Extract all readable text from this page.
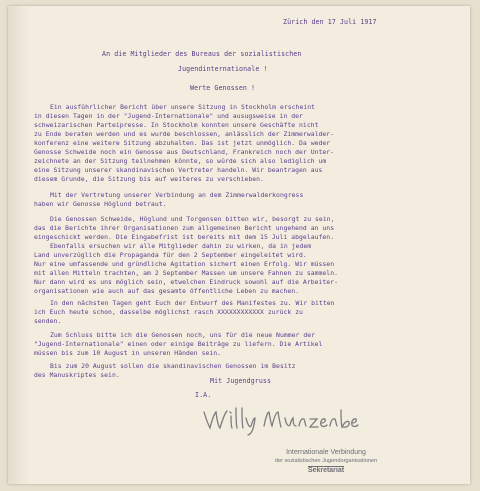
Zürich den 17 Juli 1917
An die Mitglieder des Bureaus der sozialistischen
Jugendinternationale !
Werte Genossen !
Ein ausführlicher Bericht über unsere Sitzung in Stockholm erscheint
in diesen Tagen in der "Jugend-Internationale" und ausugsweise in der
schweizarischen Parteipresse. In Stockholm konnten unsere Geschäfte nicht
zu Ende beraten werden und es wurde beschlossen, anlässlich der Zimmerwalder-
konferenz eine weitere Sitzung abzuhalten. Das ist jetzt unmöglich. Da weder
Genosse Schweide noch ein Genosse aus Deutschland, Frankreich noch der Unter-
zeichnete an der Sitzung teilnehmen könnte, so würde sich also lediglich um
eine Sitzung unserer skandinavischen Vertreter handeln. Wir beantragen aus
diesem Grunde, die Sitzung bis auf weiteres zu verschieben.
Mit der Vertretung unserer Verbindung an dem Zimmerwalderkongress
haben wir Genosse Höglund betraut.
Die Genossen Schweide, Höglund und Torgensen bitten wir, besorgt zu sein,
das die Berichte ihrer Organisationen zum allgemeinen Bericht ungehend an uns
eingeschickt werden. Die Eingabefrist ist bereits mit dem 15 Juli abgelaufen.
Ebenfalls ersuchen wir alle Mitglieder dahin zu wirken, da in jedem
Land unverzüglich die Propaganda für den 2 September eingeleitet wird.
Nur eine umfassende und gründliche Agitation sichert einen Erfolg. Wir müssen
mit allen Mitteln trachten, am 2 September Massen um unsere Fahnen zu sammeln.
Nur dann wird es uns möglich sein, etwelchen Eindruck sowohl auf die Arbeiter-
organisationen wie auch auf das gesamte öffentliche Leben zu machen.
In den nächsten Tagen geht Euch der Entwurf des Manifestes zu. Wir bitten
ich Euch heute schon, dasselbe möglichst rasch XXXXXXXXXXXX zurück zu
senden.
Zum Schluss bitte ich die Genossen noch, uns für die neue Nummer der
"Jugend-Internationale" einen oder einige Beiträge zu liefern. Die Artikel
müssen bis zum 10 August in unseren Händen sein.
Bis zum 20 August sollen die skandinavischen Genossen im Besitz
des Manuskriptes sein.
Mit Jugendgruss
I.A.
Internationale Verbindung
der sozialistischen Jugendorganisationen
Sekretariat
